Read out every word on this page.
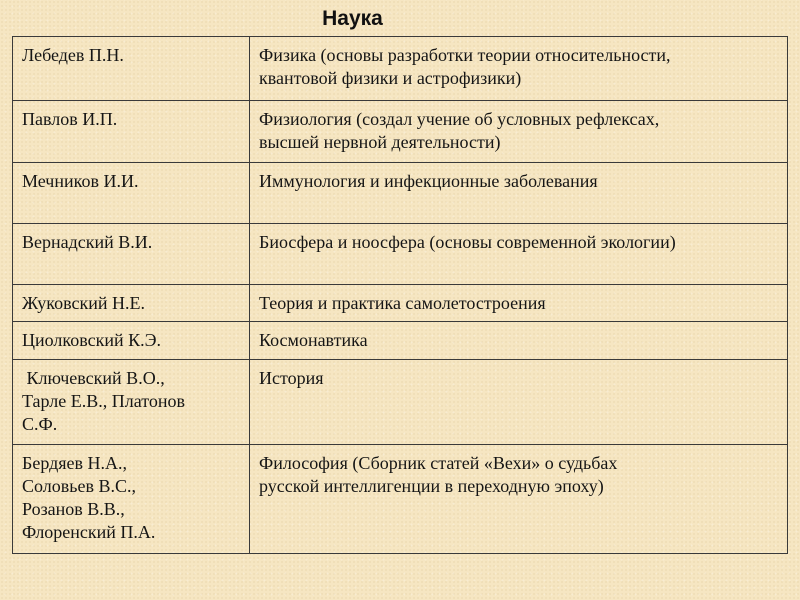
Наука
Лебедев П.Н.	Физика (основы разработки теории относительности,
квантовой физики и астрофизики)

Павлов И.П.	Физиология (создал учение об условных рефлексах,
высшей нервной деятельности)

Мечников И.И.	Иммунология и инфекционные заболевания

Вернадский В.И.	Биосфера и ноосфера (основы современной экологии)

Жуковский Н.Е.	Теория и практика самолетостроения

Циолковский К.Э.	Космонавтика

Ключевский В.О.,
Тарле Е.В., Платонов
С.Ф.	История

Бердяев Н.А.,
Соловьев В.С.,
Розанов В.В.,
Флоренский П.А.	Философия (Сборник статей «Вехи» о судьбах
русской интеллигенции в переходную эпоху)
